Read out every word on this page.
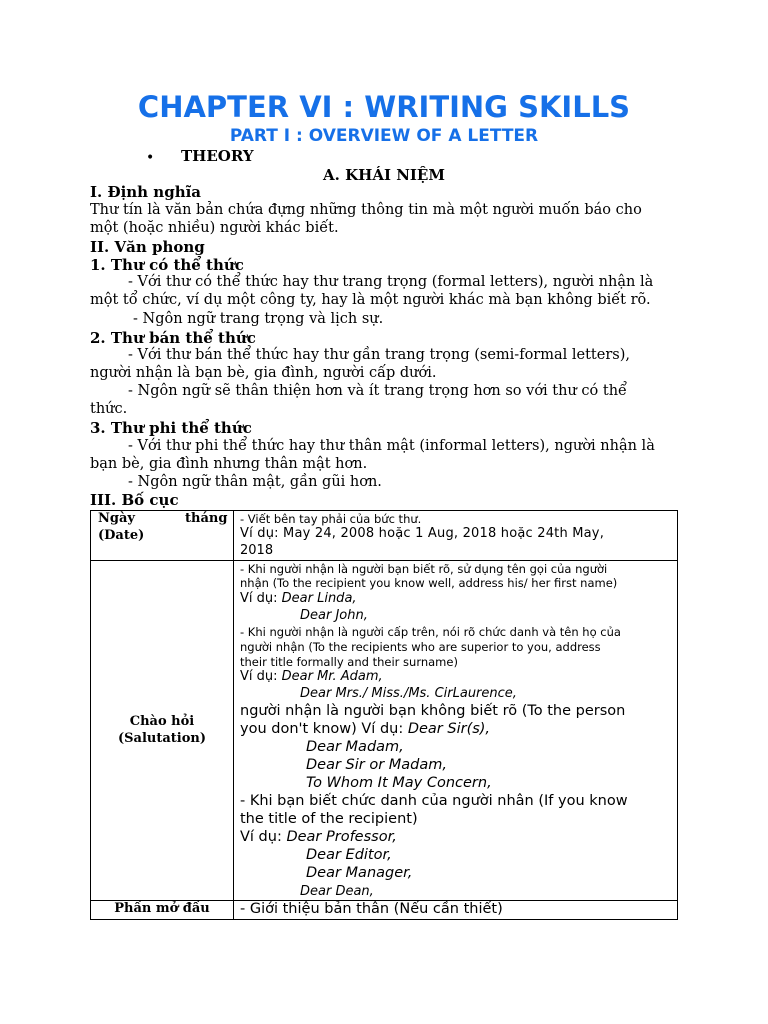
CHAPTER VI : WRITING SKILLS
PART I : OVERVIEW OF A LETTER
• THEORY
A. KHÁI NIỆM
I. Định nghĩa
Thư tín là văn bản chứa đựng những thông tin mà một người muốn báo cho
một (hoặc nhiều) người khác biết.
II. Văn phong
1. Thư có thể thức
- Với thư có thể thức hay thư trang trọng (formal letters), người nhận là
một tổ chức, ví dụ một công ty, hay là một người khác mà bạn không biết rõ.
- Ngôn ngữ trang trọng và lịch sự.
2. Thư bán thể thức
- Với thư bán thể thức hay thư gần trang trọng (semi-formal letters),
người nhận là bạn bè, gia đình, người cấp dưới.
- Ngôn ngữ sẽ thân thiện hơn và ít trang trọng hơn so với thư có thể
thức.
3. Thư phi thể thức
- Với thư phi thể thức hay thư thân mật (informal letters), người nhận là
bạn bè, gia đình nhưng thân mật hơn.
- Ngôn ngữ thân mật, gần gũi hơn.
III. Bố cục
Ngày	tháng
(Date)
- Viết bên tay phải của bức thư.
Ví dụ: May 24, 2008 hoặc 1 Aug, 2018 hoặc 24th May,
2018
Chào hỏi
(Salutation)
- Khi người nhận là người bạn biết rõ, sử dụng tên gọi của người
nhận (To the recipient you know well, address his/ her first name)
Ví dụ: Dear Linda,
Dear John,
- Khi người nhận là người cấp trên, nói rõ chức danh và tên họ của
người nhận (To the recipients who are superior to you, address
their title formally and their surname)
Ví dụ: Dear Mr. Adam,
Dear Mrs./ Miss./Ms. CirLaurence,
người nhận là người bạn không biết rõ (To the person
you don't know) Ví dụ: Dear Sir(s),
Dear Madam,
Dear Sir or Madam,
To Whom It May Concern,
- Khi bạn biết chức danh của người nhân (If you know
the title of the recipient)
Ví dụ: Dear Professor,
Dear Editor,
Dear Manager,
Dear Dean,
Phần mở đầu	- Giới thiệu bản thân (Nếu cần thiết)
